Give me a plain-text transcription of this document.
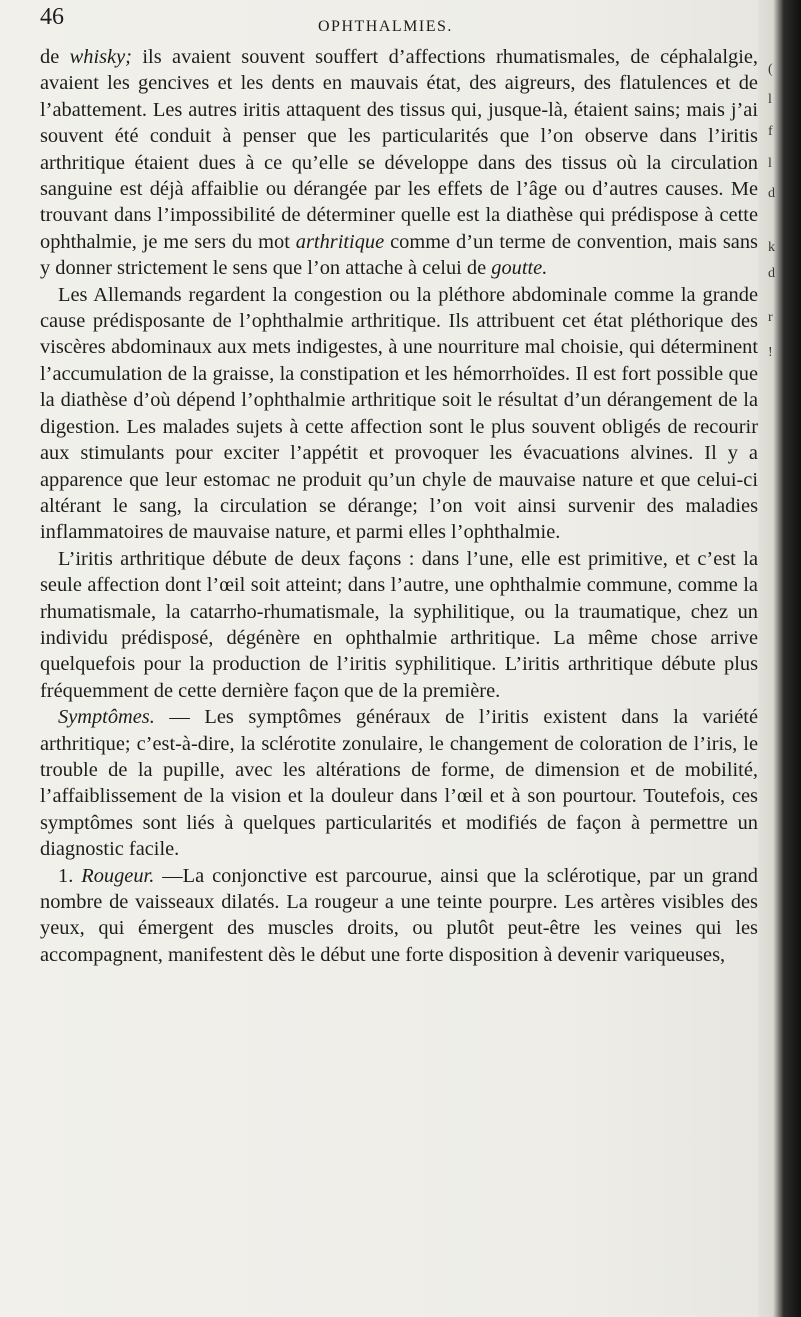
46	OPHTHALMIES.

de whisky; ils avaient souvent souffert d’affections rhumatismales, de céphalalgie, avaient les gencives et les dents en mauvais état, des aigreurs, des flatulences et de l’abattement. Les autres iritis attaquent des tissus qui, jusque-là, étaient sains; mais j’ai souvent été conduit à penser que les particularités que l’on observe dans l’iritis arthritique étaient dues à ce qu’elle se développe dans des tissus où la circulation sanguine est déjà affaiblie ou dérangée par les effets de l’âge ou d’autres causes. Me trouvant dans l’impossibilité de déterminer quelle est la diathèse qui prédispose à cette ophthalmie, je me sers du mot arthritique comme d’un terme de convention, mais sans y donner strictement le sens que l’on attache à celui de goutte.

Les Allemands regardent la congestion ou la pléthore abdominale comme la grande cause prédisposante de l’ophthalmie arthritique. Ils attribuent cet état pléthorique des viscères abdominaux aux mets indigestes, à une nourriture mal choisie, qui déterminent l’accumulation de la graisse, la constipation et les hémorrhoïdes. Il est fort possible que la diathèse d’où dépend l’ophthalmie arthritique soit le résultat d’un dérangement de la digestion. Les malades sujets à cette affection sont le plus souvent obligés de recourir aux stimulants pour exciter l’appétit et provoquer les évacuations alvines. Il y a apparence que leur estomac ne produit qu’un chyle de mauvaise nature et que celui-ci altérant le sang, la circulation se dérange; l’on voit ainsi survenir des maladies inflammatoires de mauvaise nature, et parmi elles l’ophthalmie.

L’iritis arthritique débute de deux façons : dans l’une, elle est primitive, et c’est la seule affection dont l’œil soit atteint; dans l’autre, une ophthalmie commune, comme la rhumatismale, la catarrho-rhumatismale, la syphilitique, ou la traumatique, chez un individu prédisposé, dégénère en ophthalmie arthritique. La même chose arrive quelquefois pour la production de l’iritis syphilitique. L’iritis arthritique débute plus fréquemment de cette dernière façon que de la première.

Symptômes. — Les symptômes généraux de l’iritis existent dans la variété arthritique; c’est-à-dire, la sclérotite zonulaire, le changement de coloration de l’iris, le trouble de la pupille, avec les altérations de forme, de dimension et de mobilité, l’affaiblissement de la vision et la douleur dans l’œil et à son pourtour. Toutefois, ces symptômes sont liés à quelques particularités et modifiés de façon à permettre un diagnostic facile.

1. Rougeur. —La conjonctive est parcourue, ainsi que la sclérotique, par un grand nombre de vaisseaux dilatés. La rougeur a une teinte pourpre. Les artères visibles des yeux, qui émergent des muscles droits, ou plutôt peut-être les veines qui les accompagnent, manifestent dès le début une forte disposition à devenir variqueuses,

(
l
f
l
d
k
d
r
!
